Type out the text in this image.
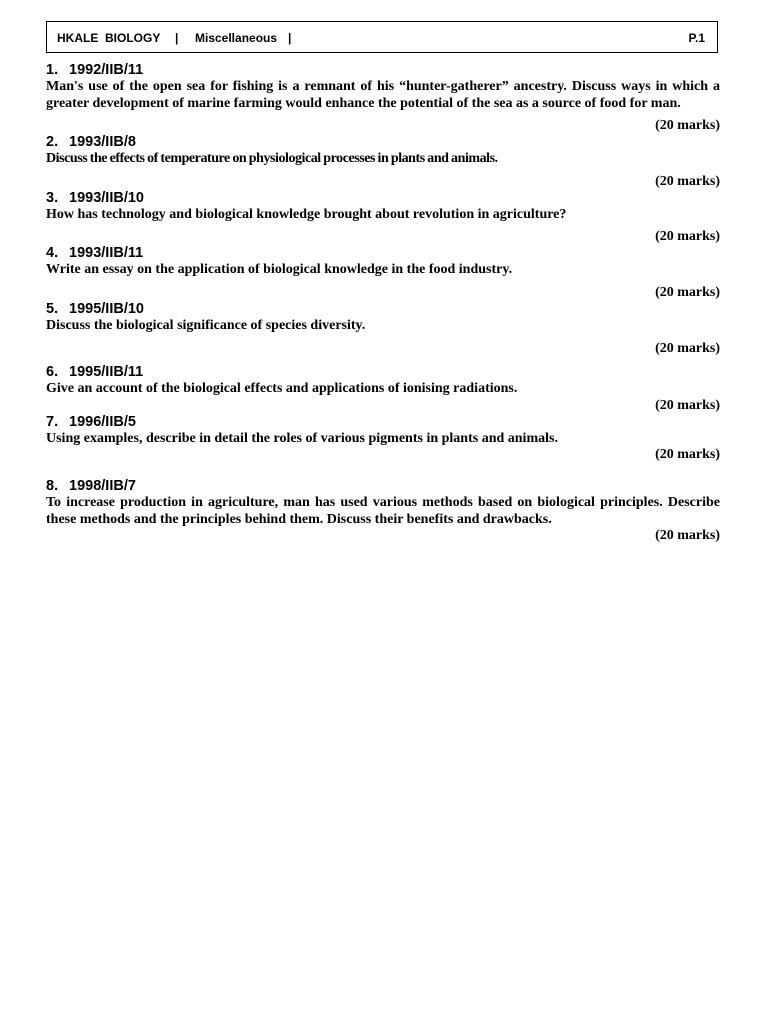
HKALE  BIOLOGY | Miscellaneous |	P.1
1. 1992/IIB/11
Man's use of the open sea for fishing is a remnant of his “hunter-gatherer” ancestry. Discuss ways in which a greater development of marine farming would enhance the potential of the sea as a source of food for man.
(20 marks)
2. 1993/IIB/8
Discuss the effects of temperature on physiological processes in plants and animals.
(20 marks)
3. 1993/IIB/10
How has technology and biological knowledge brought about revolution in agriculture?
(20 marks)
4. 1993/IIB/11
Write an essay on the application of biological knowledge in the food industry.
(20 marks)
5. 1995/IIB/10
Discuss the biological significance of species diversity.
(20 marks)
6. 1995/IIB/11
Give an account of the biological effects and applications of ionising radiations.
(20 marks)
7. 1996/IIB/5
Using examples, describe in detail the roles of various pigments in plants and animals.
(20 marks)
8. 1998/IIB/7
To increase production in agriculture, man has used various methods based on biological principles. Describe these methods and the principles behind them. Discuss their benefits and drawbacks.
(20 marks)
